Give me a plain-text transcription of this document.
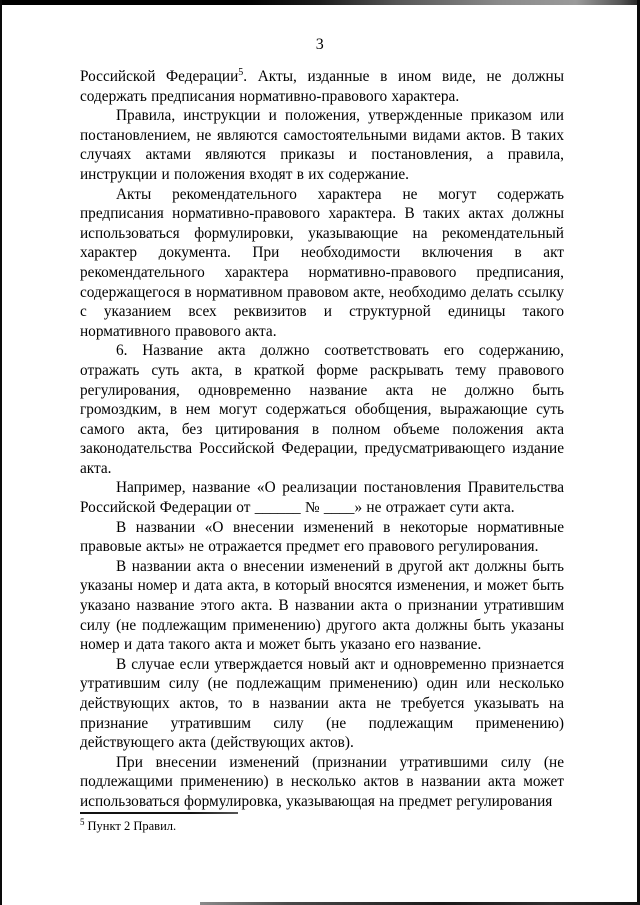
3

Российской Федерации$^5$. Акты, изданные в ином виде, не должны содержать предписания нормативно-правового характера.

Правила, инструкции и положения, утвержденные приказом или постановлением, не являются самостоятельными видами актов. В таких случаях актами являются приказы и постановления, а правила, инструкции и положения входят в их содержание.

Акты рекомендательного характера не могут содержать предписания нормативно-правового характера. В таких актах должны использоваться формулировки, указывающие на рекомендательный характер документа. При необходимости включения в акт рекомендательного характера нормативно-правового предписания, содержащегося в нормативном правовом акте, необходимо делать ссылку с указанием всех реквизитов и структурной единицы такого нормативного правового акта.

6. Название акта должно соответствовать его содержанию, отражать суть акта, в краткой форме раскрывать тему правового регулирования, одновременно название акта не должно быть громоздким, в нем могут содержаться обобщения, выражающие суть самого акта, без цитирования в полном объеме положения акта законодательства Российской Федерации, предусматривающего издание акта.

Например, название «О реализации постановления Правительства Российской Федерации от ______ № ____» не отражает сути акта.

В названии «О внесении изменений в некоторые нормативные правовые акты» не отражается предмет его правового регулирования.

В названии акта о внесении изменений в другой акт должны быть указаны номер и дата акта, в который вносятся изменения, и может быть указано название этого акта. В названии акта о признании утратившим силу (не подлежащим применению) другого акта должны быть указаны номер и дата такого акта и может быть указано его название.

В случае если утверждается новый акт и одновременно признается утратившим силу (не подлежащим применению) один или несколько действующих актов, то в названии акта не требуется указывать на признание утратившим силу (не подлежащим применению) действующего акта (действующих актов).

При внесении изменений (признании утратившими силу (не подлежащими применению) в несколько актов в названии акта может использоваться формулировка, указывающая на предмет регулирования

$^5$ Пункт 2 Правил.
